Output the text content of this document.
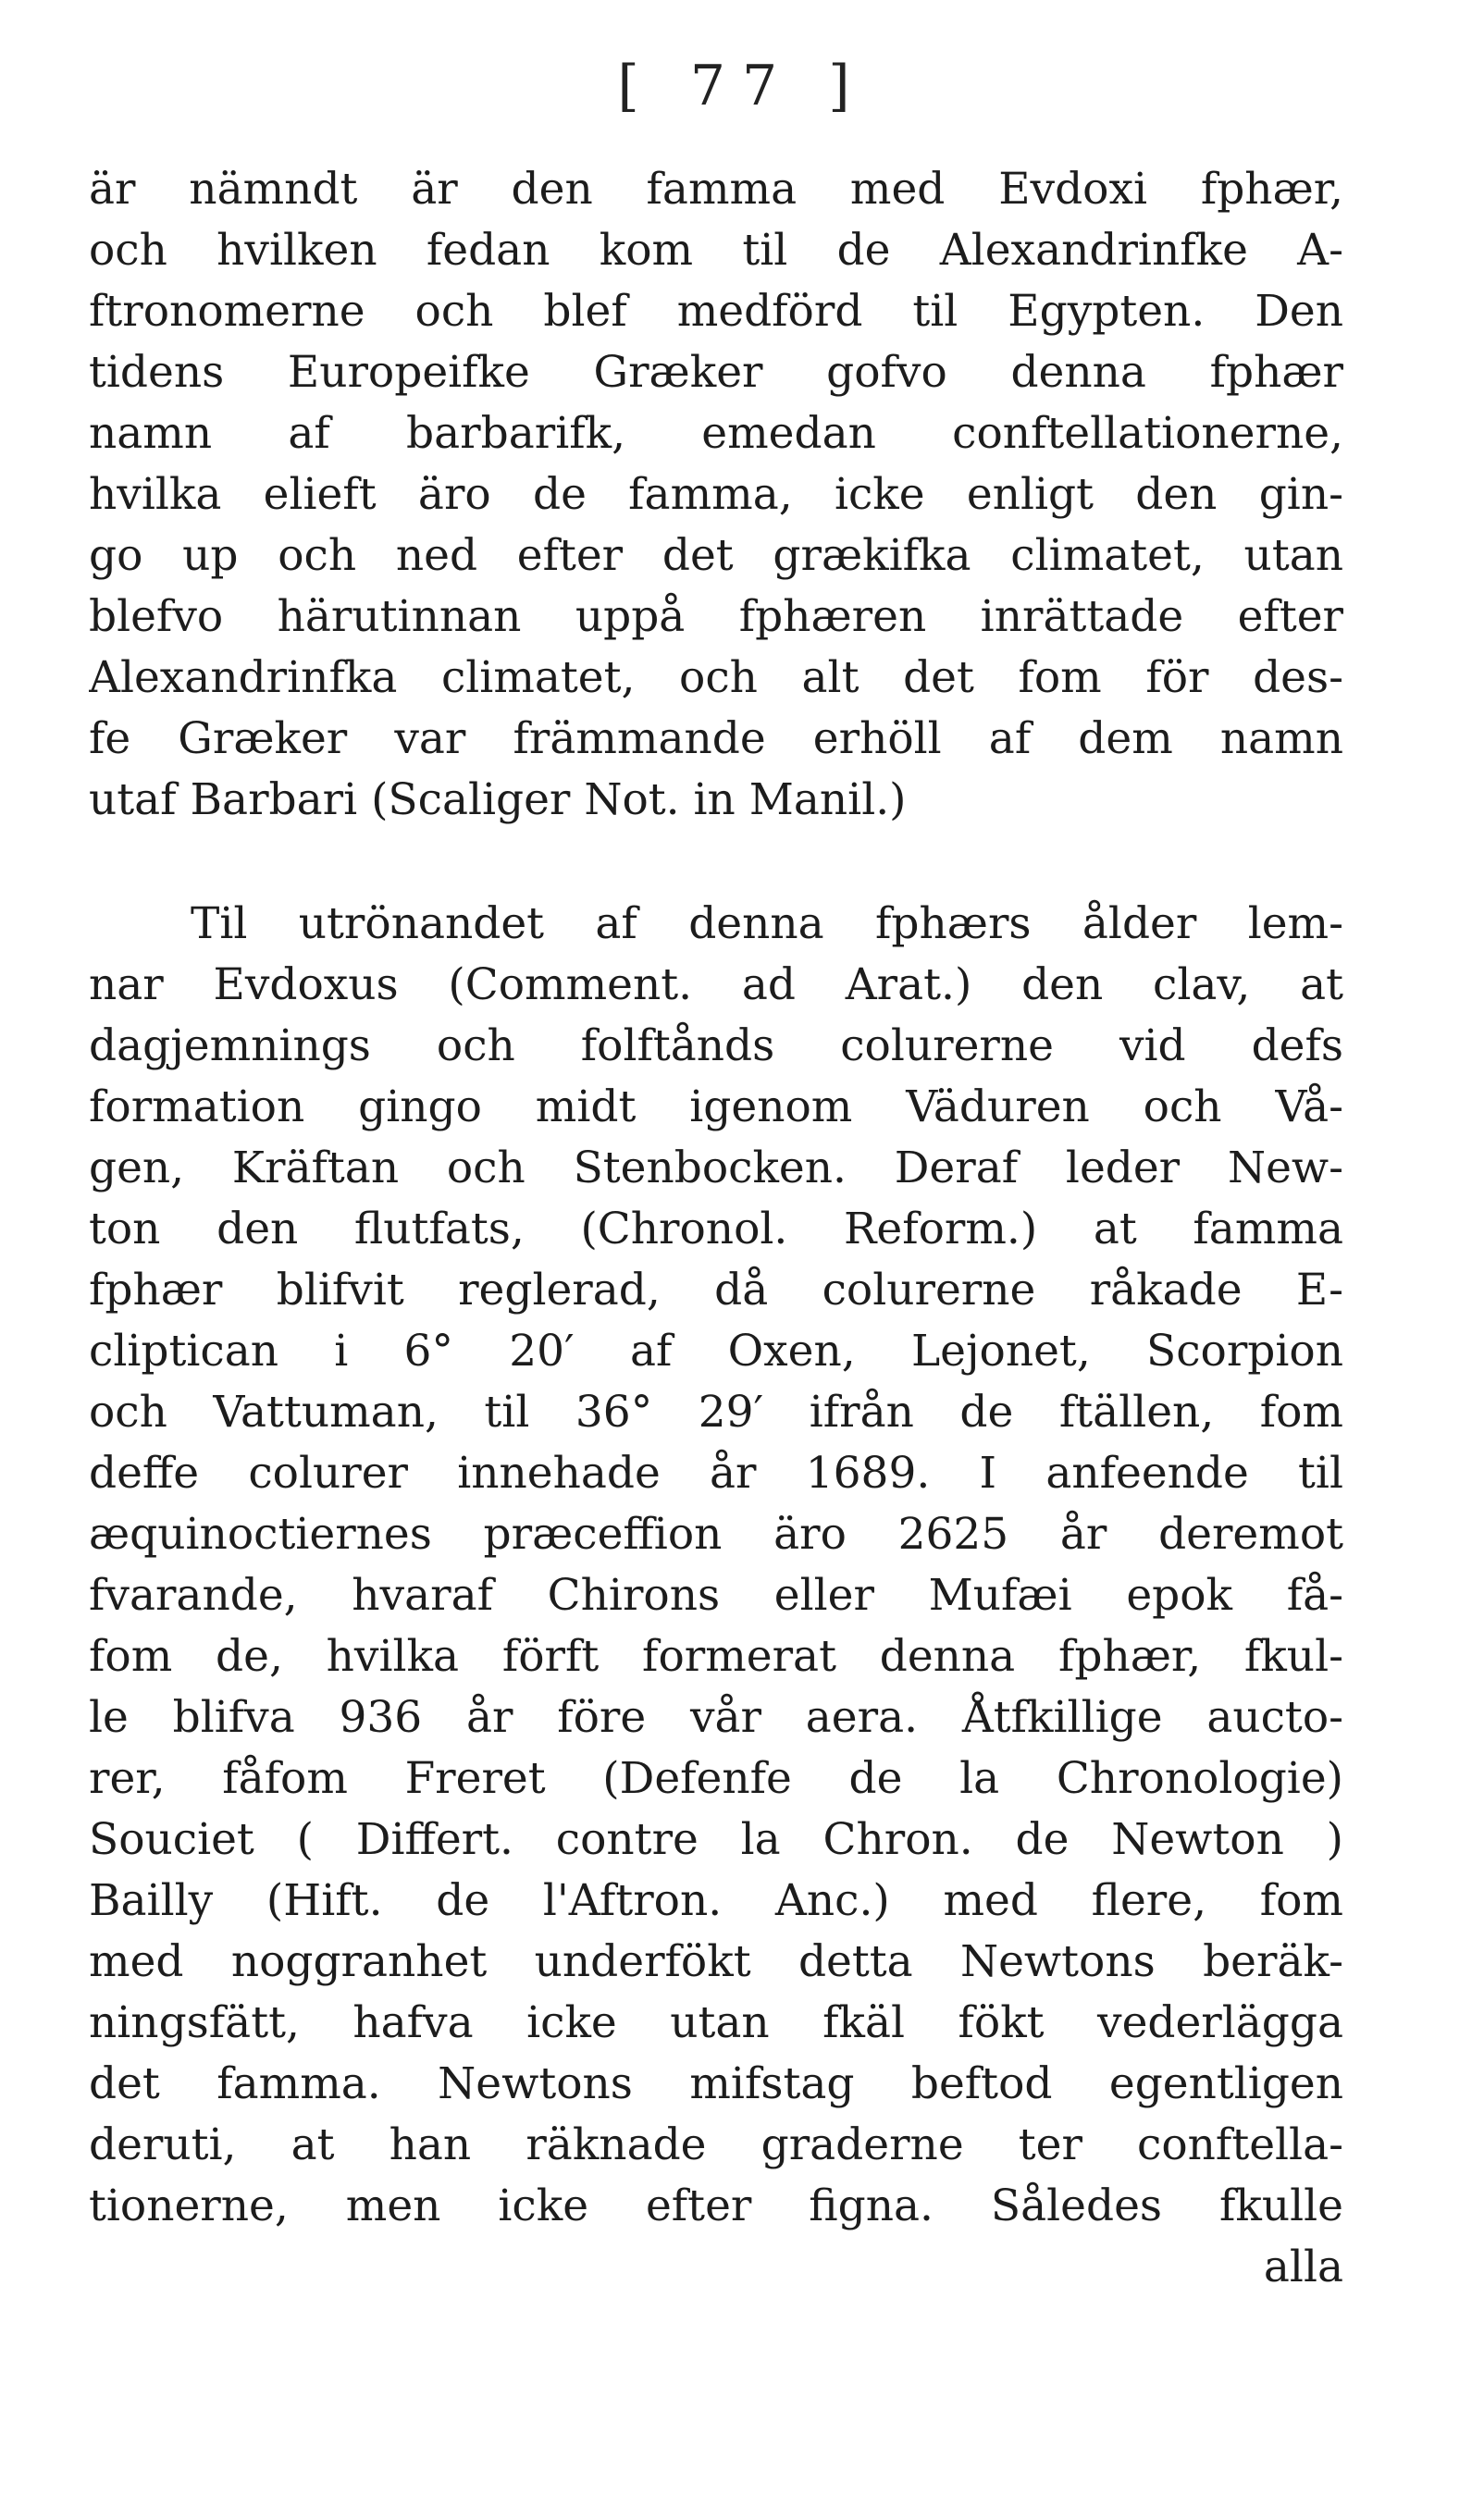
[ 77 ]
är nämndt är den famma med Evdoxi fphær,
och hvilken fedan kom til de Alexandrinfke A-
ftronomerne och blef medförd til Egypten. Den
tidens Europeifke Græker gofvo denna fphær
namn af barbarifk, emedan conftellationerne,
hvilka elieft äro de famma, icke enligt den gin-
go up och ned efter det grækifka climatet, utan
blefvo härutinnan uppå fphæren inrättade efter
Alexandrinfka climatet, och alt det fom för des-
fe Græker var främmande erhöll af dem namn
utaf Barbari (Scaliger Not. in Manil.)
Til utrönandet af denna fphærs ålder lem-
nar Evdoxus (Comment. ad Arat.) den clav, at
dagjemnings och folftånds colurerne vid defs
formation gingo midt igenom Väduren och Vå-
gen, Kräftan och Stenbocken. Deraf leder New-
ton den flutfats, (Chronol. Reform.) at famma
fphær blifvit reglerad, då colurerne råkade E-
cliptican i 6° 20′ af Oxen, Lejonet, Scorpion
och Vattuman, til 36° 29′ ifrån de ftällen, fom
deffe colurer innehade år 1689. I anfeende til
æquinoctiernes præceffion äro 2625 år deremot
fvarande, hvaraf Chirons eller Mufæi epok få-
fom de, hvilka förft formerat denna fphær, fkul-
le blifva 936 år före vår aera. Åtfkillige aucto-
rer, fåfom Freret (Defenfe de la Chronologie)
Souciet ( Differt. contre la Chron. de Newton )
Bailly (Hift. de l'Aftron. Anc.) med flere, fom
med noggranhet underfökt detta Newtons beräk-
ningsfätt, hafva icke utan fkäl fökt vederlägga
det famma. Newtons mifstag beftod egentligen
deruti, at han räknade graderne ter conftella-
tionerne, men icke efter figna. Således fkulle
alla
